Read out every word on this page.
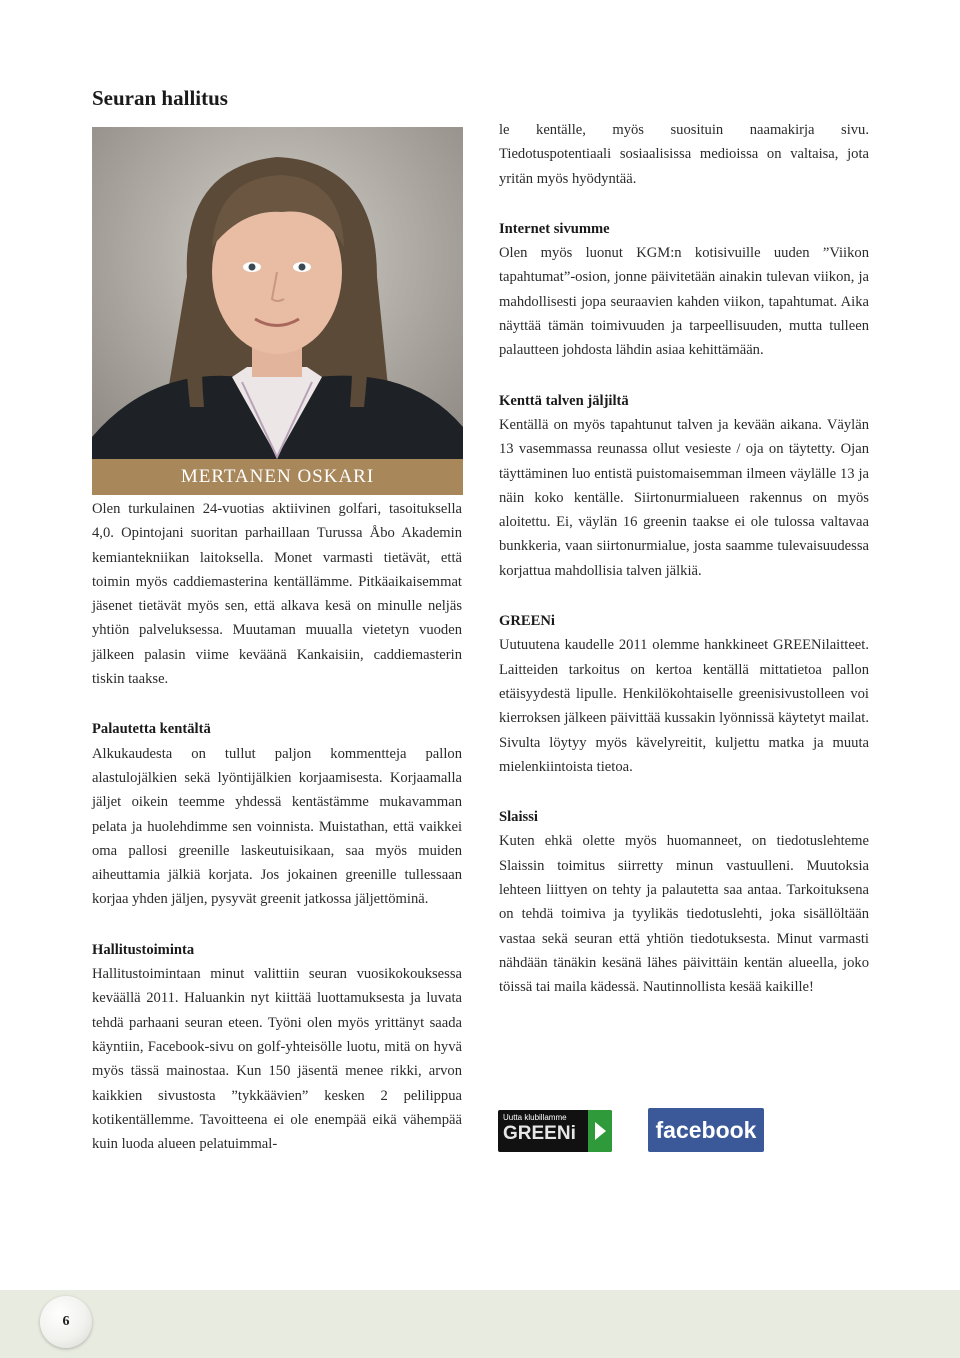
Seuran hallitus
MERTANEN OSKARI

Olen turkulainen 24-vuotias aktiivinen golfari, tasoituksella 4,0. Opintojani suoritan parhaillaan Turussa Åbo Akademin kemiantekniikan laitoksella. Monet varmasti tietävät, että toimin myös caddiemasterina kentällämme. Pitkäaikaisemmat jäsenet tietävät myös sen, että alkava kesä on minulle neljäs yhtiön palveluksessa. Muutaman muualla vietetyn vuoden jälkeen palasin viime keväänä Kankaisiin, caddiemasterin tiskin taakse.

Palautetta kentältä

Alkukaudesta on tullut paljon kommentteja pallon alastulojälkien sekä lyöntijälkien korjaamisesta. Korjaamalla jäljet oikein teemme yhdessä kentästämme mukavamman pelata ja huolehdimme sen voinnista. Muistathan, että vaikkei oma pallosi greenille laskeutuisikaan, saa myös muiden aiheuttamia jälkiä korjata. Jos jokainen greenille tullessaan korjaa yhden jäljen, pysyvät greenit jatkossa jäljettöminä.

Hallitustoiminta

Hallitustoimintaan minut valittiin seuran vuosikokouksessa keväällä 2011. Haluankin nyt kiittää luottamuksesta ja luvata tehdä parhaani seuran eteen. Työni olen myös yrittänyt saada käyntiin, Facebook-sivu on golf-yhteisölle luotu, mitä on hyvä myös tässä mainostaa. Kun 150 jäsentä menee rikki, arvon kaikkien sivustosta ”tykkäävien” kesken 2 pelilippua kotikentällemme. Tavoitteena ei ole enempää eikä vähempää kuin luoda alueen pelatuimmal-

le kentälle, myös suosituin naamakirja sivu. Tiedotuspotentiaali sosiaalisissa medioissa on valtaisa, jota yritän myös hyödyntää.

Internet sivumme

Olen myös luonut KGM:n kotisivuille uuden ”Viikon tapahtumat”-osion, jonne päivitetään ainakin tulevan viikon, ja mahdollisesti jopa seuraavien kahden viikon, tapahtumat. Aika näyttää tämän toimivuuden ja tarpeellisuuden, mutta tulleen palautteen johdosta lähdin asiaa kehittämään.

Kenttä talven jäljiltä

Kentällä on myös tapahtunut talven ja kevään aikana. Väylän 13 vasemmassa reunassa ollut vesieste / oja on täytetty. Ojan täyttäminen luo entistä puistomaisemman ilmeen väylälle 13 ja näin koko kentälle. Siirtonurmialueen rakennus on myös aloitettu. Ei, väylän 16 greenin taakse ei ole tulossa valtavaa bunkkeria, vaan siirtonurmialue, josta saamme tulevaisuudessa korjattua mahdollisia talven jälkiä.

GREENi

Uutuutena kaudelle 2011 olemme hankkineet GREENilaitteet. Laitteiden tarkoitus on kertoa kentällä mittatietoa pallon etäisyydestä lipulle. Henkilökohtaiselle greenisivustolleen voi kierroksen jälkeen päivittää kussakin lyönnissä käytetyt mailat. Sivulta löytyy myös kävelyreitit, kuljettu matka ja muuta mielenkiintoista tietoa.

Slaissi

Kuten ehkä olette myös huomanneet, on tiedotuslehteme Slaissin toimitus siirretty minun vastuulleni. Muutoksia lehteen liittyen on tehty ja palautetta saa antaa. Tarkoituksena on tehdä toimiva ja tyylikäs tiedotuslehti, joka sisällöltään vastaa sekä seuran että yhtiön tiedotuksesta. Minut varmasti nähdään tänäkin kesänä lähes päivittäin kentän alueella, joko töissä tai maila kädessä. Nautinnollista kesää kaikille!

Uutta klubillamme
GREENi	facebook
6
